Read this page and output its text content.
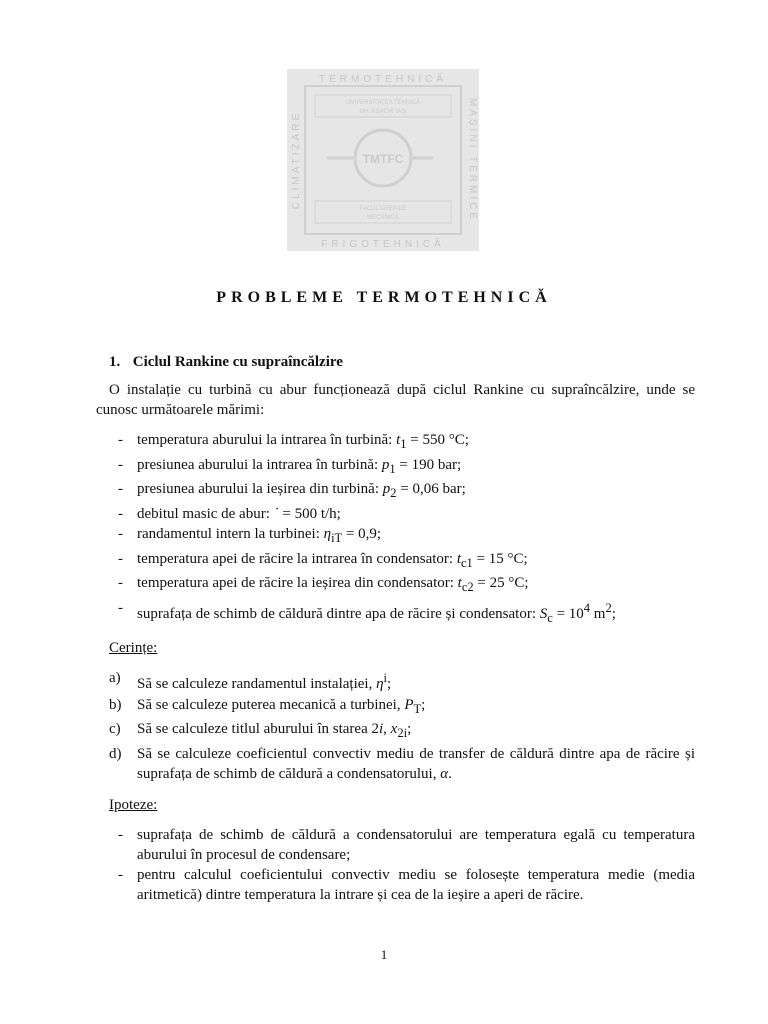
TERMOTEHNICĂ
FRIGOTEHNICĂ
CLIMATIZARE	MAȘINI TERMICE
UNIVERSITATEA TEHNICĂ
GH. ASACHI IAȘI
TMTFC
FACULTATEA DE
MECANICĂ
PROBLEME TERMOTEHNICĂ
1. Ciclul Rankine cu supraîncălzire
O instalație cu turbină cu abur funcționează după ciclul Rankine cu supraîncălzire, unde se
cunosc următoarele mărimi:
- temperatura aburului la intrarea în turbină: $t_1 = 550$ °C;
- presiunea aburului la intrarea în turbină: $p_1 = 190$ bar;
- presiunea aburului la ieșirea din turbină: $p_2 = 0,06$ bar;
- debitul masic de abur: ˙ = 500 t/h;
- randamentul intern la turbinei: $\eta_{iT} = 0,9$;
- temperatura apei de răcire la intrarea în condensator: $t_{c1} = 15$ °C;
- temperatura apei de răcire la ieșirea din condensator: $t_{c2} = 25$ °C;
- suprafața de schimb de căldură dintre apa de răcire și condensator: $S_c = 10^4$ $m^2$;
Cerințe:
a) Să se calculeze randamentul instalației, $\eta^i$;
b) Să se calculeze puterea mecanică a turbinei, $P_T$;
c) Să se calculeze titlul aburului în starea 2i, $x_{2i}$;
d) Să se calculeze coeficientul convectiv mediu de transfer de căldură dintre apa de răcire și suprafața de schimb de căldură a condensatorului, α.
Ipoteze:
- suprafața de schimb de căldură a condensatorului are temperatura egală cu temperatura aburului în procesul de condensare;
- pentru calculul coeficientului convectiv mediu se folosește temperatura medie (media aritmetică) dintre temperatura la intrare și cea de la ieșire a aperi de răcire.
1
